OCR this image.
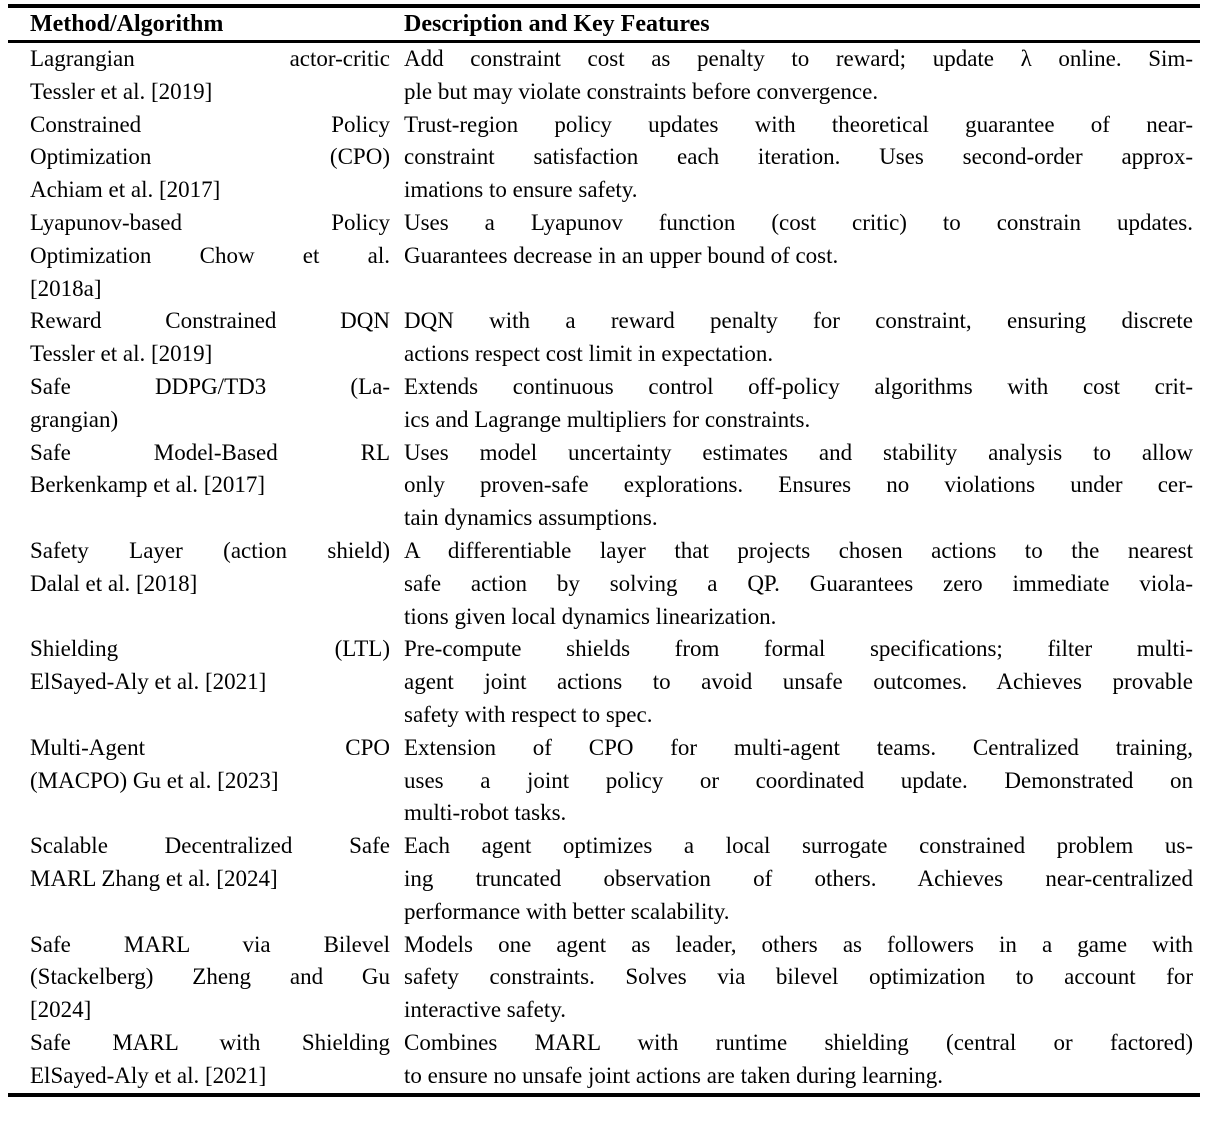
Method/Algorithm	Description and Key Features
Lagrangian actor-critic
Tessler et al. [2019]
Add constraint cost as penalty to reward; update λ online. Sim-
ple but may violate constraints before convergence.
Constrained Policy
Optimization (CPO)
Achiam et al. [2017]
Trust-region policy updates with theoretical guarantee of near-
constraint satisfaction each iteration. Uses second-order approx-
imations to ensure safety.
Lyapunov-based Policy
Optimization Chow et al.
[2018a]
Uses a Lyapunov function (cost critic) to constrain updates.
Guarantees decrease in an upper bound of cost.
Reward Constrained DQN
Tessler et al. [2019]
DQN with a reward penalty for constraint, ensuring discrete
actions respect cost limit in expectation.
Safe DDPG/TD3 (La-
grangian)
Extends continuous control off-policy algorithms with cost crit-
ics and Lagrange multipliers for constraints.
Safe Model-Based RL
Berkenkamp et al. [2017]
Uses model uncertainty estimates and stability analysis to allow
only proven-safe explorations. Ensures no violations under cer-
tain dynamics assumptions.
Safety Layer (action shield)
Dalal et al. [2018]
A differentiable layer that projects chosen actions to the nearest
safe action by solving a QP. Guarantees zero immediate viola-
tions given local dynamics linearization.
Shielding (LTL)
ElSayed-Aly et al. [2021]
Pre-compute shields from formal specifications; filter multi-
agent joint actions to avoid unsafe outcomes. Achieves provable
safety with respect to spec.
Multi-Agent CPO
(MACPO) Gu et al. [2023]
Extension of CPO for multi-agent teams. Centralized training,
uses a joint policy or coordinated update. Demonstrated on
multi-robot tasks.
Scalable Decentralized Safe
MARL Zhang et al. [2024]
Each agent optimizes a local surrogate constrained problem us-
ing truncated observation of others. Achieves near-centralized
performance with better scalability.
Safe MARL via Bilevel
(Stackelberg) Zheng and Gu
[2024]
Models one agent as leader, others as followers in a game with
safety constraints. Solves via bilevel optimization to account for
interactive safety.
Safe MARL with Shielding
ElSayed-Aly et al. [2021]
Combines MARL with runtime shielding (central or factored)
to ensure no unsafe joint actions are taken during learning.
